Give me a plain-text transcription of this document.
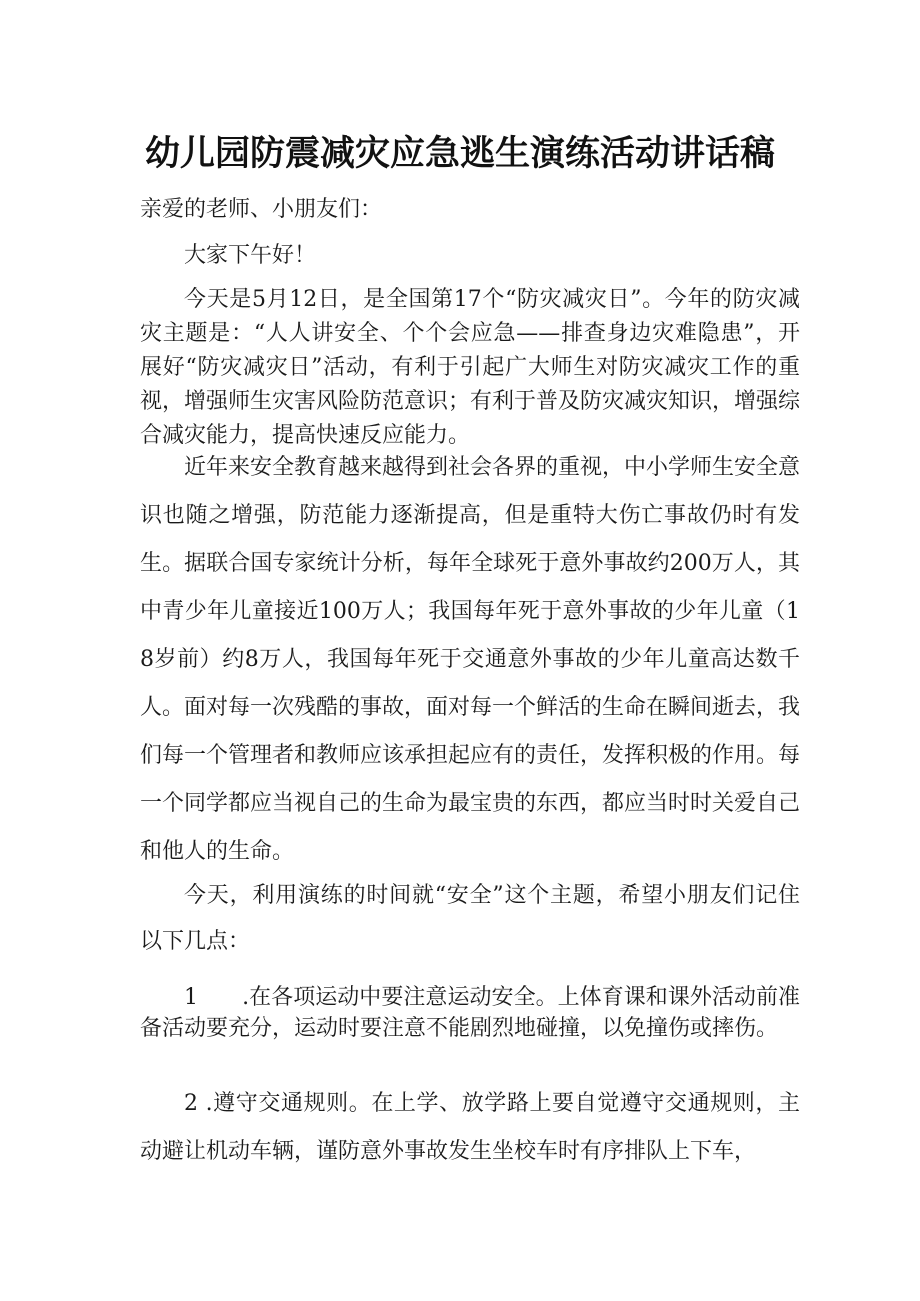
幼儿园防震减灾应急逃生演练活动讲话稿

亲爱的老师、小朋友们：

大家下午好！

今天是5月12日，是全国第17个“防灾减灾日”。今年的防灾减灾主题是：“人人讲安全、个个会应急——排查身边灾难隐患”，开展好“防灾减灾日”活动，有利于引起广大师生对防灾减灾工作的重视，增强师生灾害风险防范意识；有利于普及防灾减灾知识，增强综合减灾能力，提高快速反应能力。

近年来安全教育越来越得到社会各界的重视，中小学师生安全意识也随之增强，防范能力逐渐提高，但是重特大伤亡事故仍时有发生。据联合国专家统计分析，每年全球死于意外事故约200万人，其中青少年儿童接近100万人；我国每年死于意外事故的少年儿童（18岁前）约8万人，我国每年死于交通意外事故的少年儿童高达数千人。面对每一次残酷的事故，面对每一个鲜活的生命在瞬间逝去，我们每一个管理者和教师应该承担起应有的责任，发挥积极的作用。每一个同学都应当视自己的生命为最宝贵的东西，都应当时时关爱自己和他人的生命。

今天，利用演练的时间就“安全”这个主题，希望小朋友们记住以下几点：

1　　.在各项运动中要注意运动安全。上体育课和课外活动前准备活动要充分，运动时要注意不能剧烈地碰撞，以免撞伤或摔伤。

2 .遵守交通规则。在上学、放学路上要自觉遵守交通规则，主动避让机动车辆，谨防意外事故发生坐校车时有序排队上下车，
